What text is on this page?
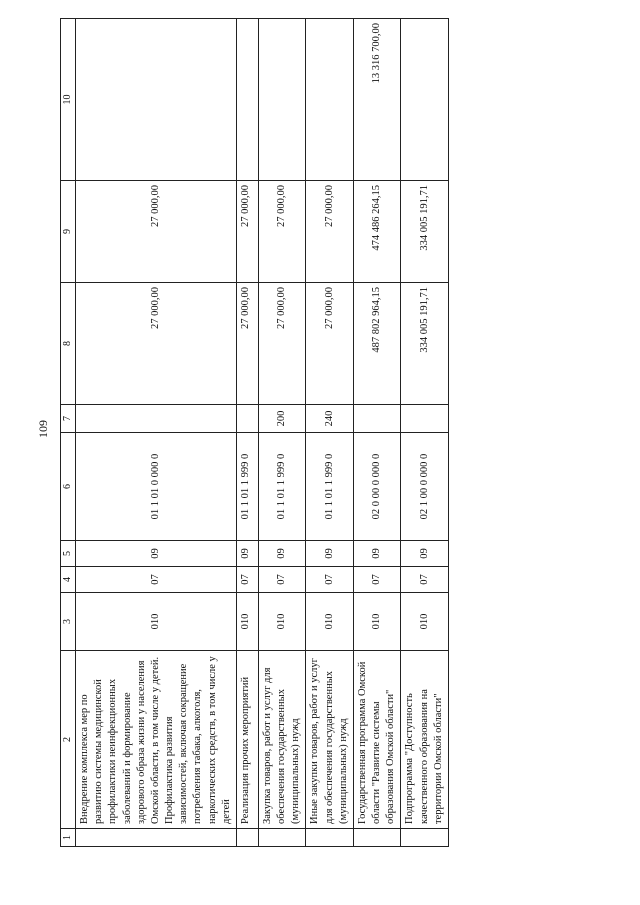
109
1	2	3	4	5	6	7	8	9	10
	Внедрение комплекса мер по развитию системы медицинской профилактики неинфекционных заболеваний и формирование здорового образа жизни у населения Омской области, в том числе у детей. Профилактика развития зависимостей, включая сокращение потребления табака, алкоголя, наркотических средств, в том числе у детей	010	07	09	01 1 01 0 000 0		27 000,00	27 000,00	
	Реализация прочих мероприятий	010	07	09	01 1 01 1 999 0		27 000,00	27 000,00	
	Закупка товаров, работ и услуг для обеспечения государственных (муниципальных) нужд	010	07	09	01 1 01 1 999 0	200	27 000,00	27 000,00	
	Иные закупки товаров, работ и услуг для обеспечения государственных (муниципальных) нужд	010	07	09	01 1 01 1 999 0	240	27 000,00	27 000,00	
	Государственная программа Омской области "Развитие системы образования Омской области"	010	07	09	02 0 00 0 000 0		487 802 964,15	474 486 264,15	13 316 700,00
	Подпрограмма "Доступность качественного образования на территории Омской области"	010	07	09	02 1 00 0 000 0		334 005 191,71	334 005 191,71	
